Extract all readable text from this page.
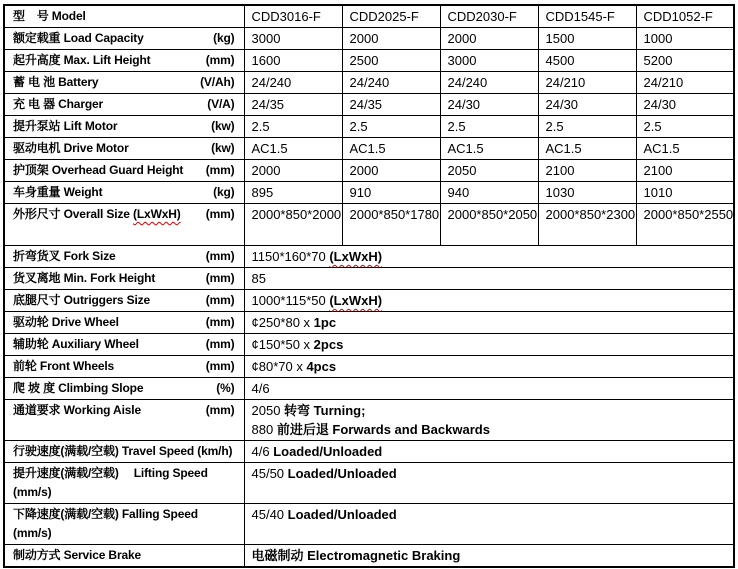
型　号 Model	CDD3016-F	CDD2025-F	CDD2030-F	CDD1545-F	CDD1052-F
额定载重 Load Capacity (kg)	3000	2000	2000	1500	1000
起升高度 Max. Lift Height (mm)	1600	2500	3000	4500	5200
蓄 电 池 Battery (V/Ah)	24/240	24/240	24/240	24/210	24/210
充 电 器 Charger (V/A)	24/35	24/35	24/30	24/30	24/30
提升泵站 Lift Motor (kw)	2.5	2.5	2.5	2.5	2.5
驱动电机 Drive Motor (kw)	AC1.5	AC1.5	AC1.5	AC1.5	AC1.5
护顶架 Overhead Guard Height (mm)	2000	2000	2050	2100	2100
车身重量 Weight (kg)	895	910	940	1030	1010
外形尺寸 Overall Size (LxWxH) (mm)	2000*850*2000	2000*850*1780	2000*850*2050	2000*850*2300	2000*850*2550
折弯货叉 Fork Size (mm)	1150*160*70 (LxWxH)				

货叉离地 Min. Fork Height (mm)	85				

底腿尺寸 Outriggers Size (mm)	1000*115*50 (LxWxH)				

驱动轮 Drive Wheel (mm)	¢250*80 x 1pc				

辅助轮 Auxiliary Wheel (mm)	¢150*50 x 2pcs				

前轮 Front Wheels (mm)	¢80*70 x 4pcs				

爬 坡 度 Climbing Slope (%)	4/6				

通道要求 Working Aisle	(mm)	2050 转弯 Turning;
880 前进后退 Forwards and Backwards

行驶速度(满载/空载) Travel Speed (km/h)	4/6 Loaded/Unloaded				

提升速度(满载/空载)　 Lifting Speed
(mm/s)	45/50 Loaded/Unloaded				

下降速度(满载/空载) Falling Speed
(mm/s)	45/40 Loaded/Unloaded				

制动方式 Service Brake	电磁制动 Electromagnetic Braking				
